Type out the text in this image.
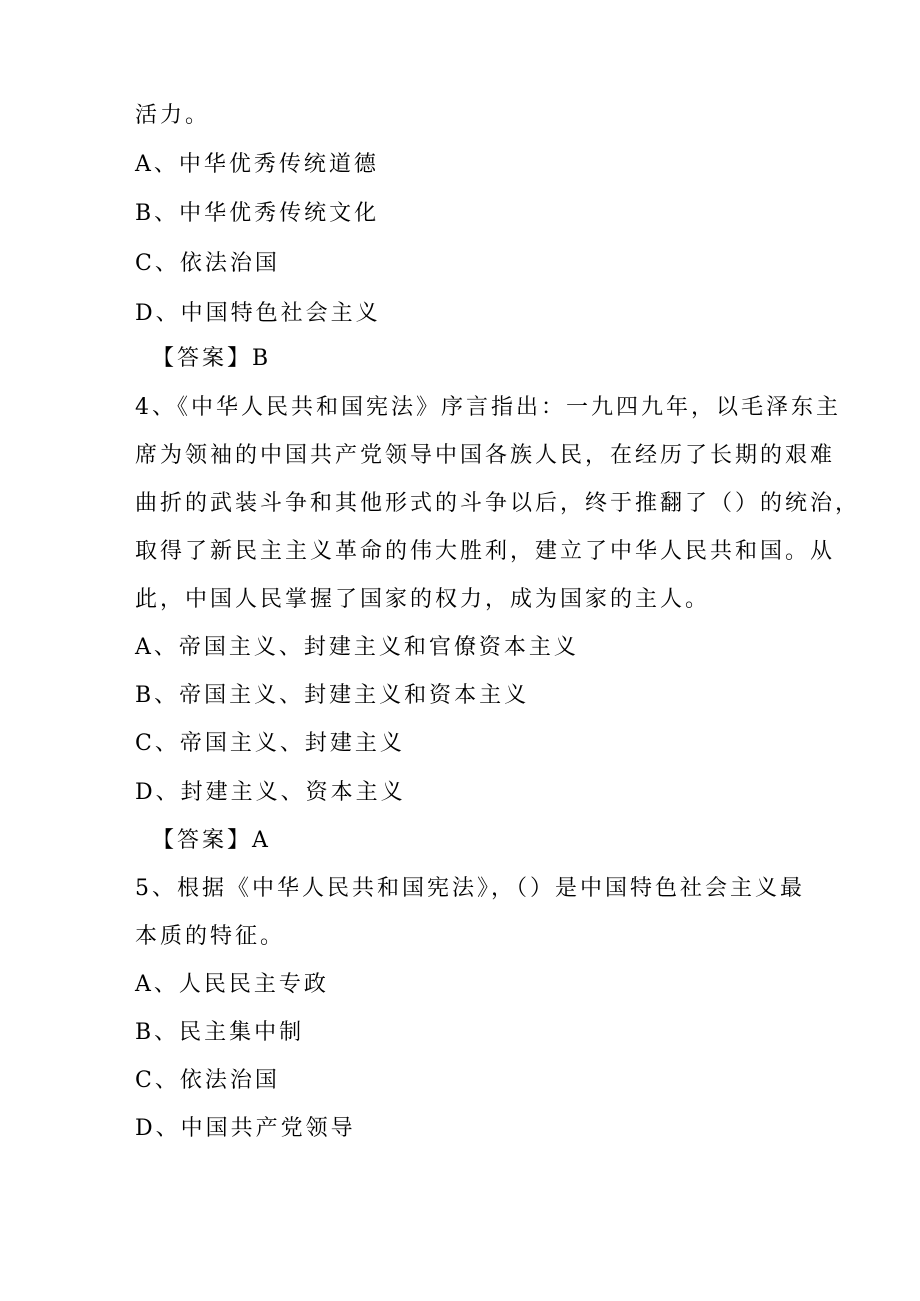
活力。
A、中华优秀传统道德
B、中华优秀传统文化
C、依法治国
D、中国特色社会主义
【答案】B
4、《中华人民共和国宪法》序言指出：一九四九年，以毛泽东主
席为领袖的中国共产党领导中国各族人民，在经历了长期的艰难
曲折的武装斗争和其他形式的斗争以后，终于推翻了（）的统治，
取得了新民主主义革命的伟大胜利，建立了中华人民共和国。从
此，中国人民掌握了国家的权力，成为国家的主人。
A、帝国主义、封建主义和官僚资本主义
B、帝国主义、封建主义和资本主义
C、帝国主义、封建主义
D、封建主义、资本主义
【答案】A
5、根据《中华人民共和国宪法》，（）是中国特色社会主义最
本质的特征。
A、人民民主专政
B、民主集中制
C、依法治国
D、中国共产党领导
